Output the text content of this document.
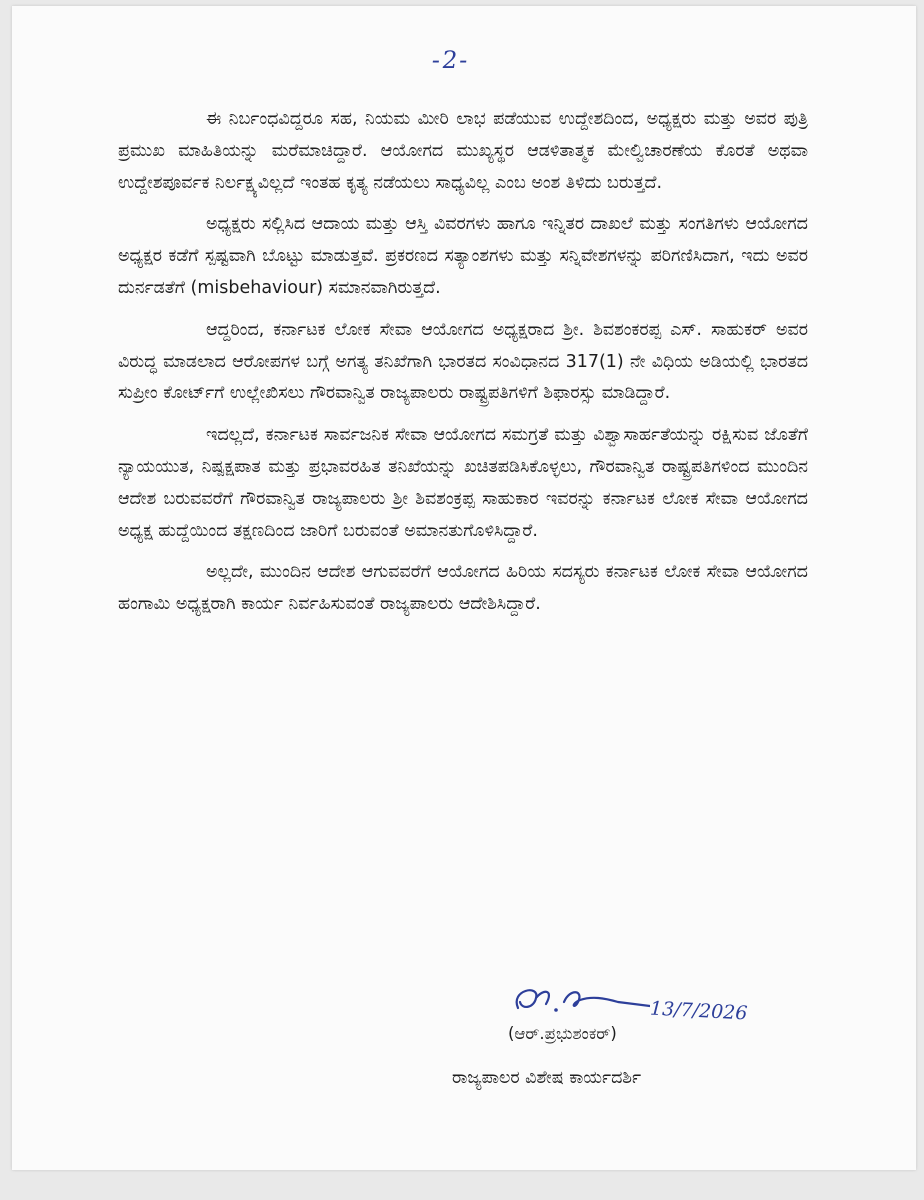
-2-

ಈ ನಿರ್ಬಂಧವಿದ್ದರೂ ಸಹ, ನಿಯಮ ಮೀರಿ ಲಾಭ ಪಡೆಯುವ ಉದ್ದೇಶದಿಂದ, ಅಧ್ಯಕ್ಷರು ಮತ್ತು ಅವರ ಪುತ್ರಿ ಪ್ರಮುಖ ಮಾಹಿತಿಯನ್ನು ಮರೆಮಾಚಿದ್ದಾರೆ. ಆಯೋಗದ ಮುಖ್ಯಸ್ಥರ ಆಡಳಿತಾತ್ಮಕ ಮೇಲ್ವಿಚಾರಣೆಯ ಕೊರತೆ ಅಥವಾ ಉದ್ದೇಶಪೂರ್ವಕ ನಿರ್ಲಕ್ಷ್ಯವಿಲ್ಲದೆ ಇಂತಹ ಕೃತ್ಯ ನಡೆಯಲು ಸಾಧ್ಯವಿಲ್ಲ ಎಂಬ ಅಂಶ ತಿಳಿದು ಬರುತ್ತದೆ.

ಅಧ್ಯಕ್ಷರು ಸಲ್ಲಿಸಿದ ಆದಾಯ ಮತ್ತು ಆಸ್ತಿ ವಿವರಗಳು ಹಾಗೂ ಇನ್ನಿತರ ದಾಖಲೆ ಮತ್ತು ಸಂಗತಿಗಳು ಆಯೋಗದ ಅಧ್ಯಕ್ಷರ ಕಡೆಗೆ ಸ್ಪಷ್ಟವಾಗಿ ಬೊಟ್ಟು ಮಾಡುತ್ತವೆ. ಪ್ರಕರಣದ ಸತ್ಯಾಂಶಗಳು ಮತ್ತು ಸನ್ನಿವೇಶಗಳನ್ನು ಪರಿಗಣಿಸಿದಾಗ, ಇದು ಅವರ ದುರ್ನಡತೆಗೆ (misbehaviour) ಸಮಾನವಾಗಿರುತ್ತದೆ.

ಆದ್ದರಿಂದ, ಕರ್ನಾಟಕ ಲೋಕ ಸೇವಾ ಆಯೋಗದ ಅಧ್ಯಕ್ಷರಾದ ಶ್ರೀ. ಶಿವಶಂಕರಪ್ಪ ಎಸ್. ಸಾಹುಕರ್ ಅವರ ವಿರುದ್ಧ ಮಾಡಲಾದ ಆರೋಪಗಳ ಬಗ್ಗೆ ಅಗತ್ಯ ತನಿಖೆಗಾಗಿ ಭಾರತದ ಸಂವಿಧಾನದ 317(1) ನೇ ವಿಧಿಯ ಅಡಿಯಲ್ಲಿ ಭಾರತದ ಸುಪ್ರೀಂ ಕೋರ್ಟ್‌ಗೆ ಉಲ್ಲೇಖಿಸಲು ಗೌರವಾನ್ವಿತ ರಾಜ್ಯಪಾಲರು ರಾಷ್ಟ್ರಪತಿಗಳಿಗೆ ಶಿಫಾರಸ್ಸು ಮಾಡಿದ್ದಾರೆ.

ಇದಲ್ಲದೆ, ಕರ್ನಾಟಕ ಸಾರ್ವಜನಿಕ ಸೇವಾ ಆಯೋಗದ ಸಮಗ್ರತೆ ಮತ್ತು ವಿಶ್ವಾಸಾರ್ಹತೆಯನ್ನು ರಕ್ಷಿಸುವ ಜೊತೆಗೆ ನ್ಯಾಯಯುತ, ನಿಷ್ಪಕ್ಷಪಾತ ಮತ್ತು ಪ್ರಭಾವರಹಿತ ತನಿಖೆಯನ್ನು ಖಚಿತಪಡಿಸಿಕೊಳ್ಳಲು, ಗೌರವಾನ್ವಿತ ರಾಷ್ಟ್ರಪತಿಗಳಿಂದ ಮುಂದಿನ ಆದೇಶ ಬರುವವರೆಗೆ ಗೌರವಾನ್ವಿತ ರಾಜ್ಯಪಾಲರು ಶ್ರೀ ಶಿವಶಂಕ್ರಪ್ಪ ಸಾಹುಕಾರ ಇವರನ್ನು ಕರ್ನಾಟಕ ಲೋಕ ಸೇವಾ ಆಯೋಗದ ಅಧ್ಯಕ್ಷ ಹುದ್ದೆಯಿಂದ ತಕ್ಷಣದಿಂದ ಜಾರಿಗೆ ಬರುವಂತೆ ಅಮಾನತುಗೊಳಿಸಿದ್ದಾರೆ.

ಅಲ್ಲದೇ, ಮುಂದಿನ ಆದೇಶ ಆಗುವವರೆಗೆ ಆಯೋಗದ ಹಿರಿಯ ಸದಸ್ಯರು ಕರ್ನಾಟಕ ಲೋಕ ಸೇವಾ ಆಯೋಗದ ಹಂಗಾಮಿ ಅಧ್ಯಕ್ಷರಾಗಿ ಕಾರ್ಯ ನಿರ್ವಹಿಸುವಂತೆ ರಾಜ್ಯಪಾಲರು ಆದೇಶಿಸಿದ್ದಾರೆ.

13/7/2026
(ಆರ್.ಪ್ರಭುಶಂಕರ್)
ರಾಜ್ಯಪಾಲರ ವಿಶೇಷ ಕಾರ್ಯದರ್ಶಿ
